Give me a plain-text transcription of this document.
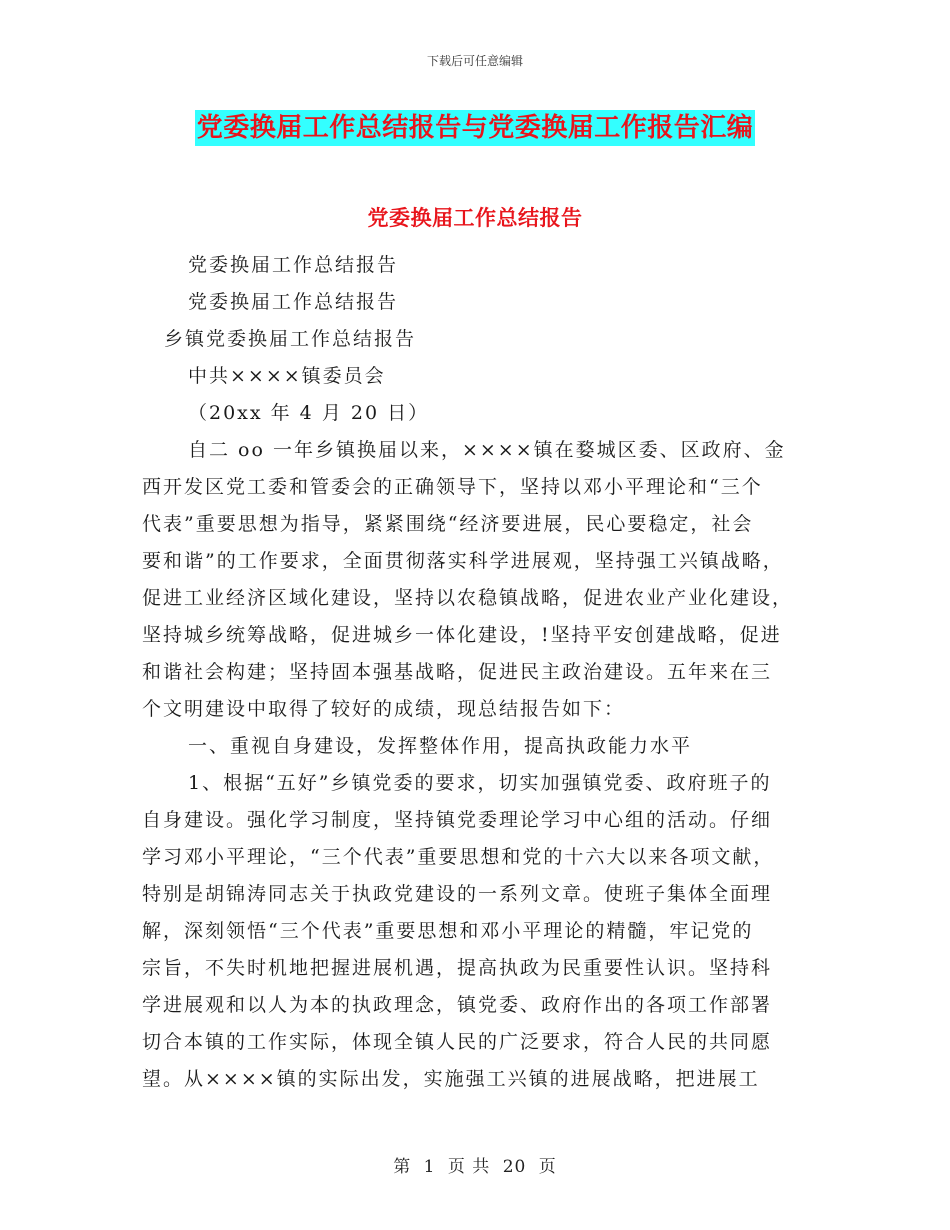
下载后可任意编辑
党委换届工作总结报告与党委换届工作报告汇编
党委换届工作总结报告

党委换届工作总结报告

党委换届工作总结报告

乡镇党委换届工作总结报告

中共××××镇委员会

（20xx 年 4 月 20 日）

自二 oo 一年乡镇换届以来，××××镇在婺城区委、区政府、金

西开发区党工委和管委会的正确领导下，坚持以邓小平理论和“三个

代表”重要思想为指导，紧紧围绕“经济要进展，民心要稳定，社会

要和谐”的工作要求，全面贯彻落实科学进展观，坚持强工兴镇战略，

促进工业经济区域化建设，坚持以农稳镇战略，促进农业产业化建设，

坚持城乡统筹战略，促进城乡一体化建设，!坚持平安创建战略，促进

和谐社会构建；坚持固本强基战略，促进民主政治建设。五年来在三

个文明建设中取得了较好的成绩，现总结报告如下：

一、重视自身建设，发挥整体作用，提高执政能力水平

1、根据“五好”乡镇党委的要求，切实加强镇党委、政府班子的

自身建设。强化学习制度，坚持镇党委理论学习中心组的活动。仔细

学习邓小平理论，“三个代表”重要思想和党的十六大以来各项文献，

特别是胡锦涛同志关于执政党建设的一系列文章。使班子集体全面理

解，深刻领悟“三个代表”重要思想和邓小平理论的精髓，牢记党的

宗旨，不失时机地把握进展机遇，提高执政为民重要性认识。坚持科

学进展观和以人为本的执政理念，镇党委、政府作出的各项工作部署

切合本镇的工作实际，体现全镇人民的广泛要求，符合人民的共同愿

望。从××××镇的实际出发，实施强工兴镇的进展战略，把进展工

第 1 页 共 20 页
